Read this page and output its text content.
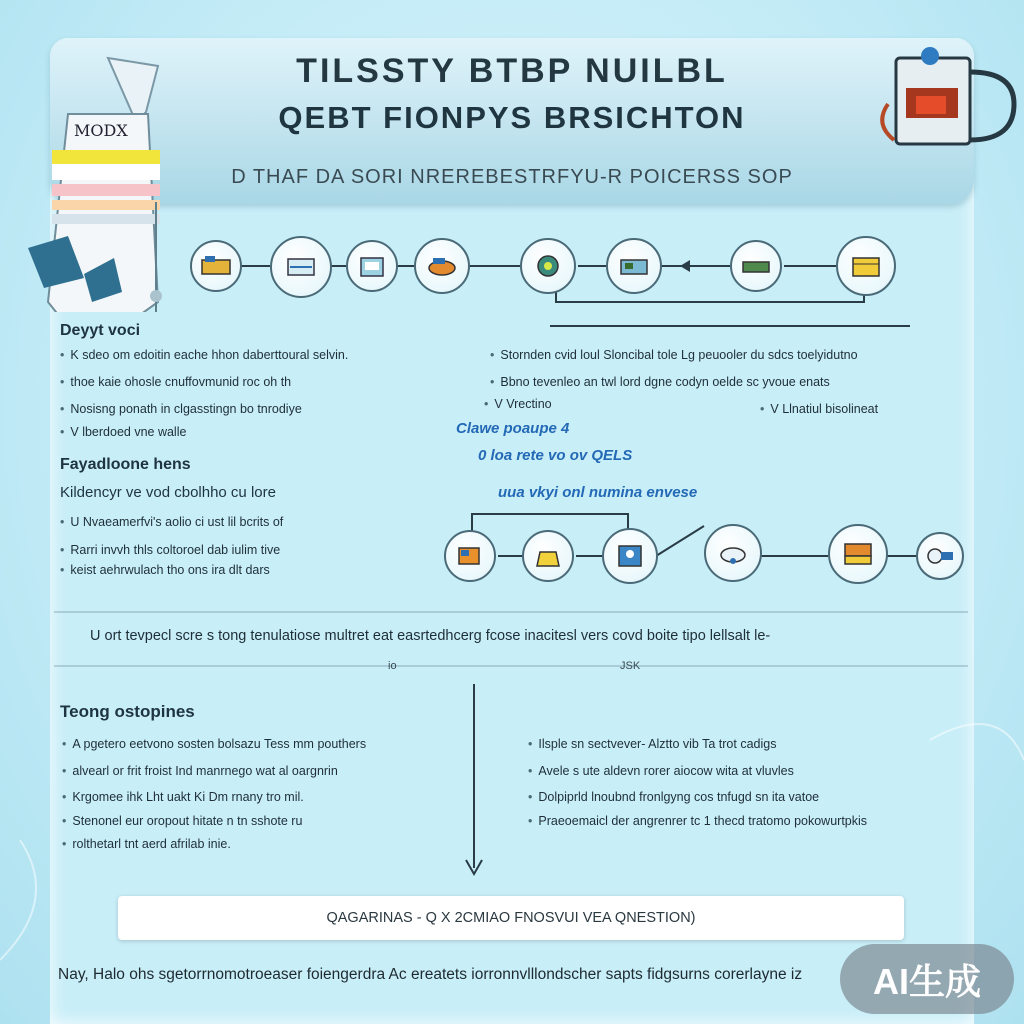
TILSSTY BTBP NUILBL
QEBT FIONPYS BRSICHTON
D THAF DA SORI NREREBESTRFYU-R POICERSS SOP
MODX
Deyyt voci
• K sdeo om edoitin eache hhon daberttoural selvin.
• thoe kaie ohosle cnuffovmunid roc oh th
• Nosisng ponath in clgasstingn bo tnrodiye
• V lberdoed vne walle
Fayadloone hens
Kildencyr ve vod cbolhho cu lore
• U Nvaeamerfvi's aolio ci ust lil bcrits of
• Rarri invvh thls coltoroel dab iulim tive
• keist aehrwulach tho ons ira dlt dars
• Stornden cvid loul Sloncibal tole Lg peuooler du sdcs toelyidutno
• Bbno tevenleo an twl lord dgne codyn oelde sc yvoue enats
• V Vrectino
•	V Llnatiul bisolineat
Clawe poaupe 4
0 loa rete vo ov QELS
uua vkyi onl numina envese
U ort tevpecl scre s tong tenulatiose multret eat easrtedhcerg fcose inacitesl vers covd boite tipo lellsalt le-
io	JSK
Teong ostopines
• A pgetero eetvono sosten bolsazu Tess mm pouthers
• alvearl or frit froist Ind manrnego wat al oargnrin
• Krgomee ihk Lht uakt Ki Dm rnany tro mil.
• Stenonel eur oropout hitate n tn sshote ru
• rolthetarl tnt aerd afrilab inie.
• Ilsple sn sectvever- Alztto vib Ta trot cadigs
• Avele s ute aldevn rorer aiocow wita at vluvles
• Dolpiprld lnoubnd fronlgyng cos tnfugd sn ita vatoe
• Praeoemaicl der angrenrer tc 1 thecd tratomo pokowurtpkis
QAGARINAS - Q X 2CMIAO FNOSVUI VEA QNESTION)
Nay, Halo ohs sgetorrnomotroeaser foiengerdra Ac ereatets iorronnvlllondscher sapts fidgsurns corerlayne iz	AI生成
